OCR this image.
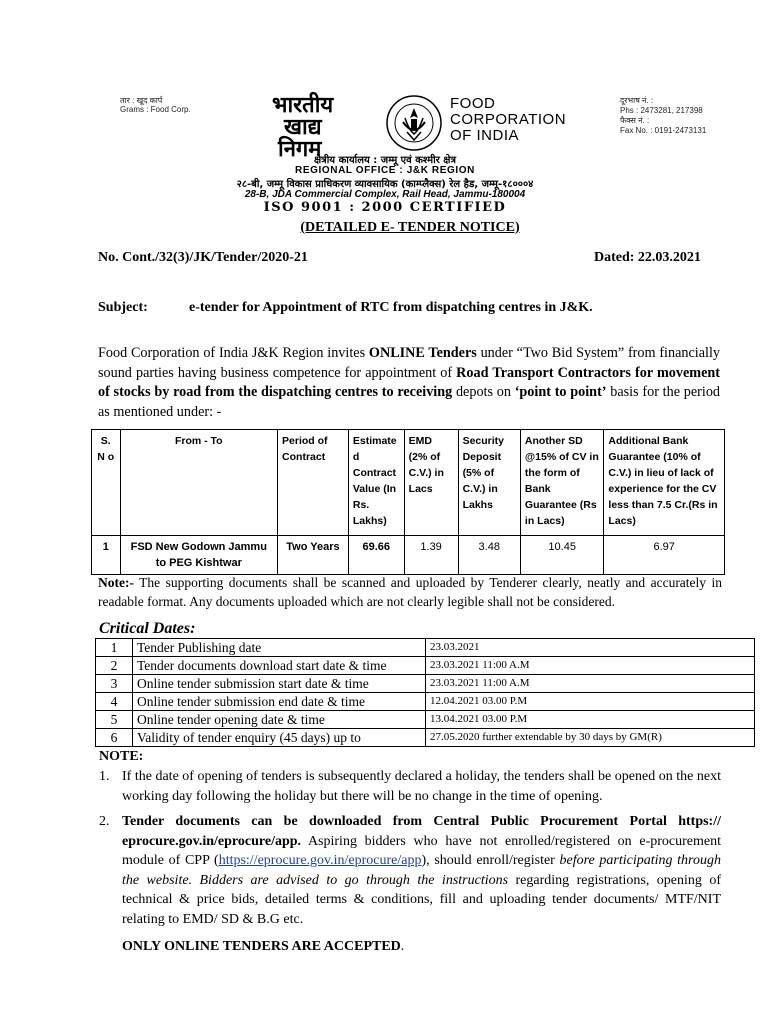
तार : खूद कार्प
Grams : Food Corp.	भारतीय
खाद्य
निगम
FOOD
CORPORATION
OF INDIA
दूरभाष नं. :
Phs : 2473281, 217398
फैक्स नं. :
Fax No. : 0191-2473131
क्षेत्रीय कार्यालय : जम्मू एवं कश्मीर क्षेत्र
REGIONAL OFFICE : J&K REGION
२८-बी, जम्मू विकास प्राधिकरण व्यावसायिक (काम्प्लैक्स) रेल हैड, जम्मू-१८०००४
28-B, JDA Commercial Complex, Rail Head, Jammu-180004
ISO 9001 : 2000 CERTIFIED
(DETAILED E- TENDER NOTICE)
No. Cont./32(3)/JK/Tender/2020-21	Dated: 22.03.2021
Subject:	e-tender for Appointment of RTC from dispatching centres in J&K.
Food Corporation of India J&K Region invites ONLINE Tenders under “Two Bid System” from financially sound parties having business competence for appointment of Road Transport Contractors for movement of stocks by road from the dispatching centres to receiving depots on ‘point to point’ basis for the period as mentioned under: -
S. N o	From - To	Period of Contract	Estimate d Contract Value (In Rs. Lakhs)	EMD (2% of C.V.) in Lacs	Security Deposit (5% of C.V.) in Lakhs	Another SD @15% of CV in the form of Bank Guarantee (Rs in Lacs)	Additional Bank Guarantee (10% of C.V.) in lieu of lack of experience for the CV less than 7.5 Cr.(Rs in Lacs)
1	FSD New Godown Jammu to PEG Kishtwar	Two Years	69.66	1.39	3.48	10.45	6.97
Note:- The supporting documents shall be scanned and uploaded by Tenderer clearly, neatly and accurately in readable format. Any documents uploaded which are not clearly legible shall not be considered.
Critical Dates:
1	Tender Publishing date	23.03.2021
2	Tender documents download start date & time	23.03.2021 11:00 A.M
3	Online tender submission start date & time	23.03.2021 11:00 A.M
4	Online tender submission end date & time	12.04.2021 03.00 P.M
5	Online tender opening date & time	13.04.2021 03.00 P.M
6	Validity of tender enquiry (45 days) up to	27.05.2020 further extendable by 30 days by GM(R)
NOTE:
1. If the date of opening of tenders is subsequently declared a holiday, the tenders shall be opened on the next working day following the holiday but there will be no change in the time of opening.
2. Tender documents can be downloaded from Central Public Procurement Portal https:// eprocure.gov.in/eprocure/app. Aspiring bidders who have not enrolled/registered on e-procurement module of CPP (https://eprocure.gov.in/eprocure/app), should enroll/register before participating through the website. Bidders are advised to go through the instructions regarding registrations, opening of technical & price bids, detailed terms & conditions, fill and uploading tender documents/ MTF/NIT relating to EMD/ SD & B.G etc.
ONLY ONLINE TENDERS ARE ACCEPTED.
